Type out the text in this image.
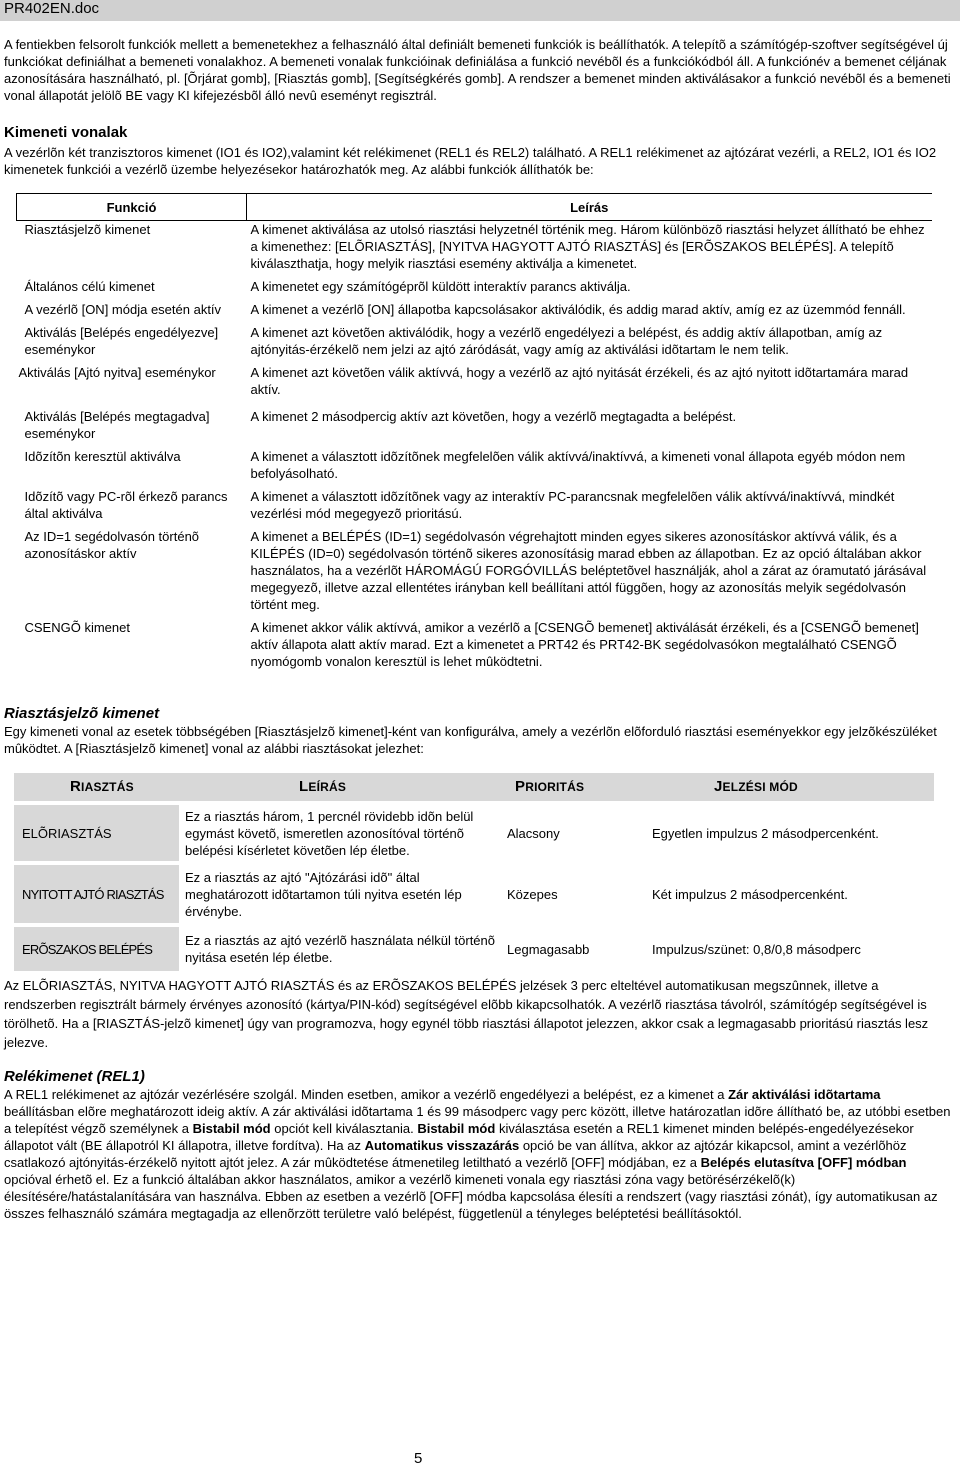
PR402EN.doc

A fentiekben felsorolt funkciók mellett a bemenetekhez a felhasználó által definiált bemeneti funkciók is beállíthatók. A telepítõ a számítógép-szoftver segítségével új funkciókat definiálhat a bemeneti vonalakhoz. A bemeneti vonalak funkcióinak definiálása a funkció nevébõl és a funkciókódból áll. A funkciónév a bemenet céljának azonosítására használható, pl. [Õrjárat gomb], [Riasztás gomb], [Segítségkérés gomb]. A rendszer a bemenet minden aktiválásakor a funkció nevébõl és a bemeneti vonal állapotát jelölõ BE vagy KI kifejezésbõl álló nevû eseményt regisztrál.

Kimeneti vonalak

A vezérlõn két tranzisztoros kimenet (IO1 és IO2),valamint két relékimenet (REL1 és REL2) található. A REL1 relékimenet az ajtózárat vezérli, a REL2, IO1 és IO2 kimenetek funkciói a vezérlõ üzembe helyezésekor határozhatók meg. Az alábbi funkciók állíthatók be:

Funkció	Leírás
Riasztásjelzõ kimenet	A kimenet aktiválása az utolsó riasztási helyzetnél történik meg. Három különbözõ riasztási helyzet állítható be ehhez a kimenethez: [ELÕRIASZTÁS], [NYITVA HAGYOTT AJTÓ RIASZTÁS] és [ERÕSZAKOS BELÉPÉS]. A telepítõ kiválaszthatja, hogy melyik riasztási esemény aktiválja a kimenetet.
Általános célú kimenet	A kimenetet egy számítógéprõl küldött interaktív parancs aktiválja.
A vezérlõ [ON] módja esetén aktív	A kimenet a vezérlõ [ON] állapotba kapcsolásakor aktiválódik, és addig marad aktív, amíg ez az üzemmód fennáll.
Aktiválás [Belépés engedélyezve] eseménykor	A kimenet azt követõen aktiválódik, hogy a vezérlõ engedélyezi a belépést, és addig aktív állapotban, amíg az ajtónyitás-érzékelõ nem jelzi az ajtó záródását, vagy amíg az aktiválási idõtartam le nem telik.
Aktiválás [Ajtó nyitva] eseménykor	A kimenet azt követõen válik aktívvá, hogy a vezérlõ az ajtó nyitását érzékeli, és az ajtó nyitott idõtartamára marad aktív.
Aktiválás [Belépés megtagadva] eseménykor	A kimenet 2 másodpercig aktív azt követõen, hogy a vezérlõ megtagadta a belépést.
Idõzítõn keresztül aktiválva	A kimenet a választott idõzítõnek megfelelõen válik aktívvá/inaktívvá, a kimeneti vonal állapota egyéb módon nem befolyásolható.
Idõzítõ vagy PC-rõl érkezõ parancs által aktiválva	A kimenet a választott idõzítõnek vagy az interaktív PC-parancsnak megfelelõen válik aktívvá/inaktívvá, mindkét vezérlési mód megegyezõ prioritású.
Az ID=1 segédolvasón történõ azonosításkor aktív	A kimenet a BELÉPÉS (ID=1) segédolvasón végrehajtott minden egyes sikeres azonosításkor aktívvá válik, és a KILÉPÉS (ID=0) segédolvasón történõ sikeres azonosításig marad ebben az állapotban. Ez az opció általában akkor használatos, ha a vezérlõt HÁROMÁGÚ FORGÓVILLÁS beléptetõvel használják, ahol a zárat az óramutató járásával megegyezõ, illetve azzal ellentétes irányban kell beállítani attól függõen, hogy az azonosítás melyik segédolvasón történt meg.
CSENGÕ kimenet	A kimenet akkor válik aktívvá, amikor a vezérlõ a [CSENGÕ bemenet] aktiválását érzékeli, és a [CSENGÕ bemenet] aktív állapota alatt aktív marad. Ezt a kimenetet a PRT42 és PRT42-BK segédolvasókon megtalálható CSENGÕ nyomógomb vonalon keresztül is lehet mûködtetni.

Riasztásjelzõ kimenet

Egy kimeneti vonal az esetek többségében [Riasztásjelzõ kimenet]-ként van konfigurálva, amely a vezérlõn elõforduló riasztási eseményekkor egy jelzõkészüléket mûködtet. A [Riasztásjelzõ kimenet] vonal az alábbi riasztásokat jelezhet:

RIASZTÁS	LEÍRÁS	PRIORITÁS	JELZÉSI MÓD

ELÕRIASZTÁS	Ez a riasztás három, 1 percnél rövidebb idõn belül egymást követõ, ismeretlen azonosítóval történõ belépési kísérletet követõen lép életbe.	Alacsony	Egyetlen impulzus 2 másodpercenként.

NYITOTT AJTÓ RIASZTÁS	Ez a riasztás az ajtó "Ajtózárási idõ" által meghatározott idõtartamon túli nyitva esetén lép érvénybe.	Közepes	Két impulzus 2 másodpercenként.

ERÕSZAKOS BELÉPÉS	Ez a riasztás az ajtó vezérlõ használata nélkül történõ nyitása esetén lép életbe.	Legmagasabb	Impulzus/szünet: 0,8/0,8 másodperc

Az ELÕRIASZTÁS, NYITVA HAGYOTT AJTÓ RIASZTÁS és az ERÕSZAKOS BELÉPÉS jelzések 3 perc elteltével automatikusan megszûnnek, illetve a rendszerben regisztrált bármely érvényes azonosító (kártya/PIN-kód) segítségével elõbb kikapcsolhatók. A vezérlõ riasztása távolról, számítógép segítségével is törölhetõ. Ha a [RIASZTÁS-jelzõ kimenet] úgy van programozva, hogy egynél több riasztási állapotot jelezzen, akkor csak a legmagasabb prioritású riasztás lesz jelezve.

Relékimenet (REL1)

A REL1 relékimenet az ajtózár vezérlésére szolgál. Minden esetben, amikor a vezérlõ engedélyezi a belépést, ez a kimenet a Zár aktiválási idõtartama beállításban elõre meghatározott ideig aktív. A zár aktiválási idõtartama 1 és 99 másodperc vagy perc között, illetve határozatlan idõre állítható be, az utóbbi esetben a telepítést végzõ személynek a Bistabil mód opciót kell kiválasztania. Bistabil mód kiválasztása esetén a REL1 kimenet minden belépés-engedélyezésekor állapotot vált (BE állapotról KI állapotra, illetve fordítva). Ha az Automatikus visszazárás opció be van állítva, akkor az ajtózár kikapcsol, amint a vezérlõhöz csatlakozó ajtónyitás-érzékelõ nyitott ajtót jelez. A zár mûködtetése átmenetileg letiltható a vezérlõ [OFF] módjában, ez a Belépés elutasítva [OFF] módban opcióval érhetõ el. Ez a funkció általában akkor használatos, amikor a vezérlõ kimeneti vonala egy riasztási zóna vagy betörésérzékelõ(k) élesítésére/hatástalanítására van használva. Ebben az esetben a vezérlõ [OFF] módba kapcsolása élesíti a rendszert (vagy riasztási zónát), így automatikusan az összes felhasználó számára megtagadja az ellenõrzött területre való belépést, függetlenül a tényleges beléptetési beállításoktól.

5
